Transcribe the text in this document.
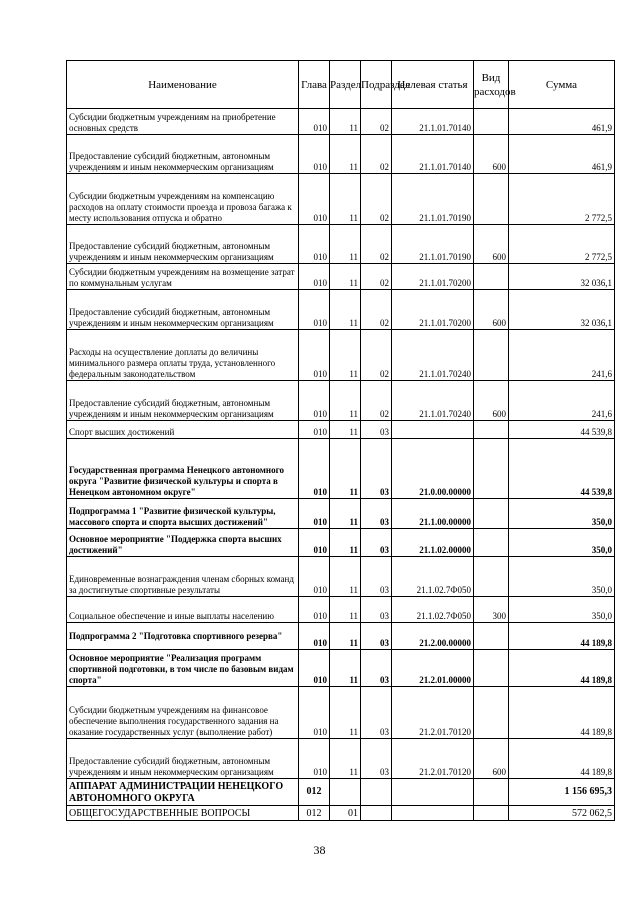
Наименование	Глава	Раздел	Подраздел	Целевая статья	Вид расходов	Сумма
Субсидии бюджетным учреждениям на приобретение основных средств	010	11	02	21.1.01.70140		461,9
Предоставление субсидий бюджетным, автономным учреждениям и иным некоммерческим организациям	010	11	02	21.1.01.70140	600	461,9
Субсидии бюджетным учреждениям на компенсацию расходов на оплату стоимости проезда и провоза багажа к месту использования отпуска и обратно	010	11	02	21.1.01.70190		2 772,5
Предоставление субсидий бюджетным, автономным учреждениям и иным некоммерческим организациям	010	11	02	21.1.01.70190	600	2 772,5
Субсидии бюджетным учреждениям на возмещение затрат по коммунальным услугам	010	11	02	21.1.01.70200		32 036,1
Предоставление субсидий бюджетным, автономным учреждениям и иным некоммерческим организациям	010	11	02	21.1.01.70200	600	32 036,1
Расходы на осуществление доплаты до величины минимального размера оплаты труда, установленного федеральным законодательством	010	11	02	21.1.01.70240		241,6
Предоставление субсидий бюджетным, автономным учреждениям и иным некоммерческим организациям	010	11	02	21.1.01.70240	600	241,6
Спорт высших достижений	010	11	03			44 539,8
Государственная программа Ненецкого автономного округа "Развитие физической культуры и спорта в Ненецком автономном округе"	010	11	03	21.0.00.00000		44 539,8
Подпрограмма 1 "Развитие физической культуры, массового спорта и спорта высших достижений"	010	11	03	21.1.00.00000		350,0
Основное мероприятие "Поддержка спорта высших достижений"	010	11	03	21.1.02.00000		350,0
Единовременные вознаграждения членам сборных команд за достигнутые спортивные результаты	010	11	03	21.1.02.7Ф050		350,0
Социальное обеспечение и иные выплаты населению	010	11	03	21.1.02.7Ф050	300	350,0
Подпрограмма 2 "Подготовка спортивного резерва"	010	11	03	21.2.00.00000		44 189,8
Основное мероприятие "Реализация программ спортивной подготовки, в том числе по базовым видам спорта"	010	11	03	21.2.01.00000		44 189,8
Субсидии бюджетным учреждениям на финансовое обеспечение выполнения государственного задания на оказание государственных услуг (выполнение работ)	010	11	03	21.2.01.70120		44 189,8
Предоставление субсидий бюджетным, автономным учреждениям и иным некоммерческим организациям	010	11	03	21.2.01.70120	600	44 189,8
АППАРАТ АДМИНИСТРАЦИИ НЕНЕЦКОГО АВТОНОМНОГО ОКРУГА	012					1 156 695,3
ОБЩЕГОСУДАРСТВЕННЫЕ ВОПРОСЫ	012	01				572 062,5
38
